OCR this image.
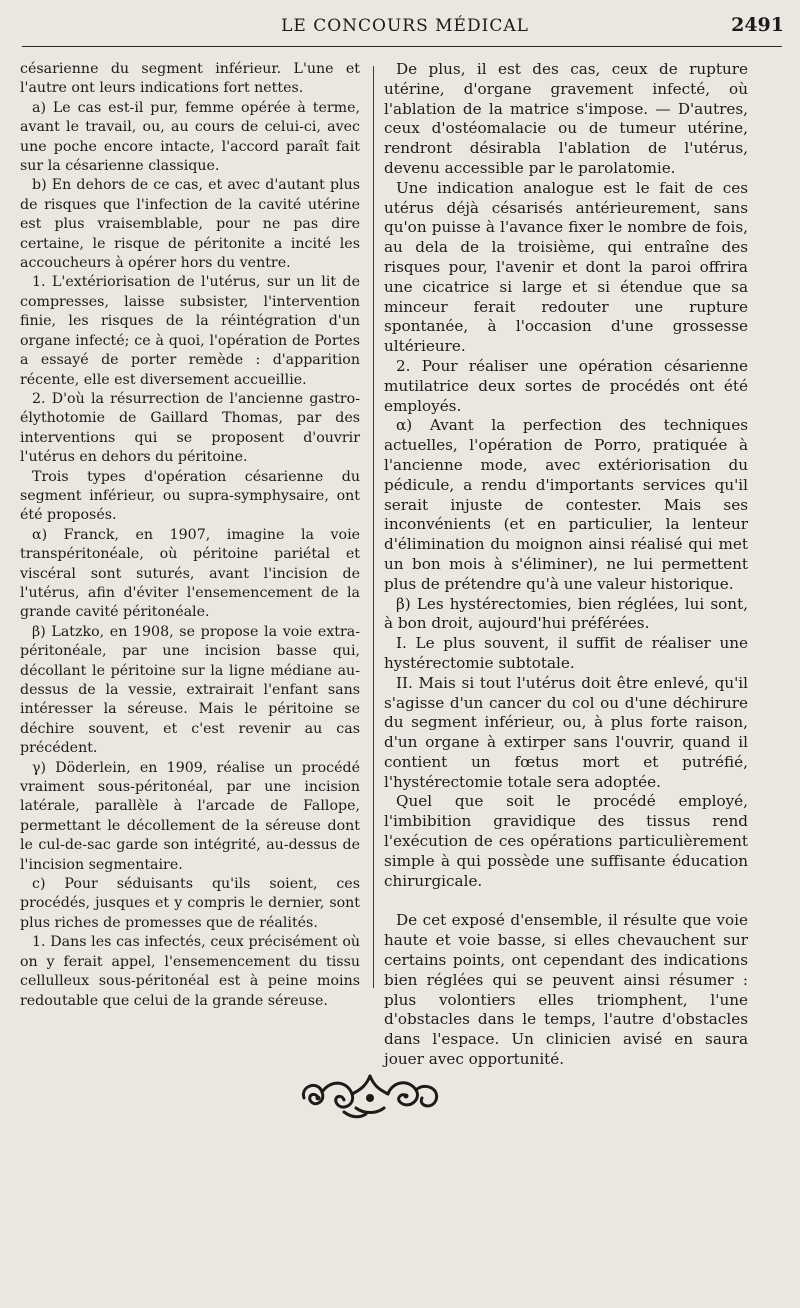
LE CONCOURS MÉDICAL	2491

césarienne du segment inférieur. L'une et l'autre ont leurs indications fort nettes.

a) Le cas est-il pur, femme opérée à terme, avant le travail, ou, au cours de celui-ci, avec une poche encore intacte, l'accord paraît fait sur la césarienne classique.

b) En dehors de ce cas, et avec d'autant plus de risques que l'infection de la cavité utérine est plus vraisemblable, pour ne pas dire certaine, le risque de péritonite a incité les accoucheurs à opérer hors du ventre.

1. L'extériorisation de l'utérus, sur un lit de compresses, laisse subsister, l'intervention finie, les risques de la réintégration d'un organe infecté; ce à quoi, l'opération de Portes a essayé de porter remède : d'apparition récente, elle est diversement accueillie.

2. D'où la résurrection de l'ancienne gastro-élythotomie de Gaillard Thomas, par des interventions qui se proposent d'ouvrir l'utérus en dehors du péritoine.

Trois types d'opération césarienne du segment inférieur, ou supra-symphysaire, ont été proposés.

α) Franck, en 1907, imagine la voie transpéritonéale, où péritoine pariétal et viscéral sont suturés, avant l'incision de l'utérus, afin d'éviter l'ensemencement de la grande cavité péritonéale.

β) Latzko, en 1908, se propose la voie extra-péritonéale, par une incision basse qui, décollant le péritoine sur la ligne médiane au-dessus de la vessie, extrairait l'enfant sans intéresser la séreuse. Mais le péritoine se déchire souvent, et c'est revenir au cas précédent.

γ) Döderlein, en 1909, réalise un procédé vraiment sous-péritonéal, par une incision latérale, parallèle à l'arcade de Fallope, permettant le décollement de la séreuse dont le cul-de-sac garde son intégrité, au-dessus de l'incision segmentaire.

c) Pour séduisants qu'ils soient, ces procédés, jusques et y compris le dernier, sont plus riches de promesses que de réalités.

1. Dans les cas infectés, ceux précisément où on y ferait appel, l'ensemencement du tissu cellulleux sous-péritonéal est à peine moins redoutable que celui de la grande séreuse.

De plus, il est des cas, ceux de rupture utérine, d'organe gravement infecté, où l'ablation de la matrice s'impose. — D'autres, ceux d'ostéomalacie ou de tumeur utérine, rendront désirabla l'ablation de l'utérus, devenu accessible par le parolatomie.

Une indication analogue est le fait de ces utérus déjà césarisés antérieurement, sans qu'on puisse à l'avance fixer le nombre de fois, au dela de la troisième, qui entraîne des risques pour, l'avenir et dont la paroi offrira une cicatrice si large et si étendue que sa minceur ferait redouter une rupture spontanée, à l'occasion d'une grossesse ultérieure.

2. Pour réaliser une opération césarienne mutilatrice deux sortes de procédés ont été employés.

α) Avant la perfection des techniques actuelles, l'opération de Porro, pratiquée à l'ancienne mode, avec extériorisation du pédicule, a rendu d'importants services qu'il serait injuste de contester. Mais ses inconvénients (et en particulier, la lenteur d'élimination du moignon ainsi réalisé qui met un bon mois à s'éliminer), ne lui permettent plus de prétendre qu'à une valeur historique.

β) Les hystérectomies, bien réglées, lui sont, à bon droit, aujourd'hui préférées.

I. Le plus souvent, il suffit de réaliser une hystérectomie subtotale.

II. Mais si tout l'utérus doit être enlevé, qu'il s'agisse d'un cancer du col ou d'une déchirure du segment inférieur, ou, à plus forte raison, d'un organe à extirper sans l'ouvrir, quand il contient un fœtus mort et putréfié, l'hystérectomie totale sera adoptée.

Quel que soit le procédé employé, l'imbibition gravidique des tissus rend l'exécution de ces opérations particulièrement simple à qui possède une suffisante éducation chirurgicale.

De cet exposé d'ensemble, il résulte que voie haute et voie basse, si elles chevauchent sur certains points, ont cependant des indications bien réglées qui se peuvent ainsi résumer : plus volontiers elles triomphent, l'une d'obstacles dans le temps, l'autre d'obstacles dans l'espace. Un clinicien avisé en saura jouer avec opportunité.
